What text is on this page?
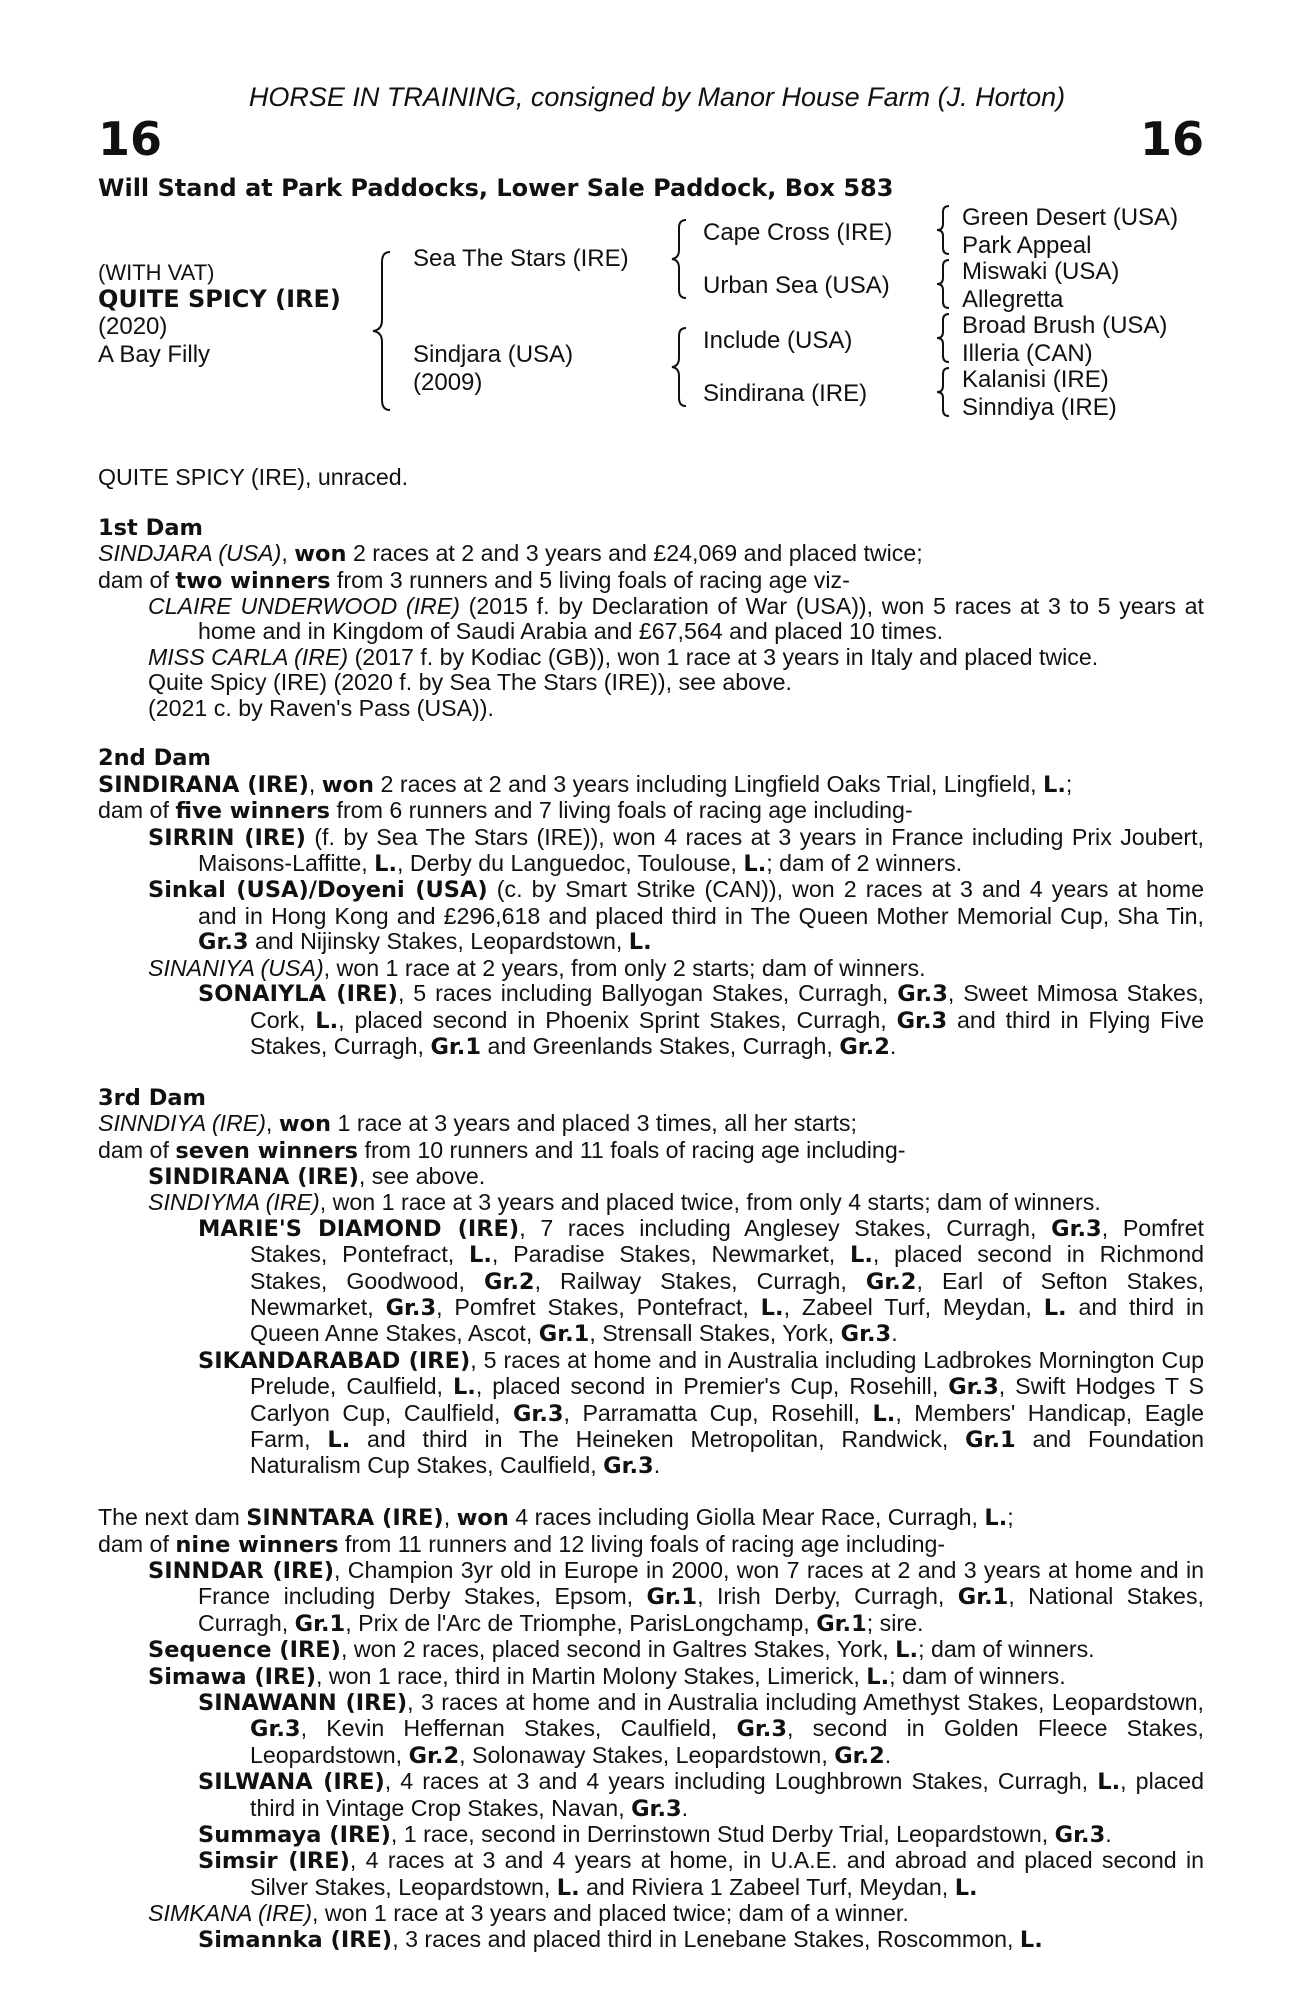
HORSE IN TRAINING, consigned by Manor House Farm (J. Horton)
16	16
Will Stand at Park Paddocks, Lower Sale Paddock, Box 583
(WITH VAT)
QUITE SPICY (IRE)
(2020)
A Bay Filly
Sea The Stars (IRE)
Sindjara (USA)
(2009)
Cape Cross (IRE)
Urban Sea (USA)
Include (USA)
Sindirana (IRE)
Green Desert (USA)
Park Appeal
Miswaki (USA)
Allegretta
Broad Brush (USA)
Illeria (CAN)
Kalanisi (IRE)
Sinndiya (IRE)

QUITE SPICY (IRE), unraced.

1st Dam

SINDJARA (USA), won 2 races at 2 and 3 years and £24,069 and placed twice;

dam of two winners from 3 runners and 5 living foals of racing age viz-

CLAIRE UNDERWOOD (IRE) (2015 f. by Declaration of War (USA)), won 5 races at 3 to 5 years at home and in Kingdom of Saudi Arabia and £67,564 and placed 10 times.

MISS CARLA (IRE) (2017 f. by Kodiac (GB)), won 1 race at 3 years in Italy and placed twice.

Quite Spicy (IRE) (2020 f. by Sea The Stars (IRE)), see above.

(2021 c. by Raven's Pass (USA)).

2nd Dam

SINDIRANA (IRE), won 2 races at 2 and 3 years including Lingfield Oaks Trial, Lingfield, L.;

dam of five winners from 6 runners and 7 living foals of racing age including-

SIRRIN (IRE) (f. by Sea The Stars (IRE)), won 4 races at 3 years in France including Prix Joubert, Maisons-Laffitte, L., Derby du Languedoc, Toulouse, L.; dam of 2 winners.

Sinkal (USA)/Doyeni (USA) (c. by Smart Strike (CAN)), won 2 races at 3 and 4 years at home and in Hong Kong and £296,618 and placed third in The Queen Mother Memorial Cup, Sha Tin, Gr.3 and Nijinsky Stakes, Leopardstown, L.

SINANIYA (USA), won 1 race at 2 years, from only 2 starts; dam of winners.

SONAIYLA (IRE), 5 races including Ballyogan Stakes, Curragh, Gr.3, Sweet Mimosa Stakes, Cork, L., placed second in Phoenix Sprint Stakes, Curragh, Gr.3 and third in Flying Five Stakes, Curragh, Gr.1 and Greenlands Stakes, Curragh, Gr.2.

3rd Dam

SINNDIYA (IRE), won 1 race at 3 years and placed 3 times, all her starts;

dam of seven winners from 10 runners and 11 foals of racing age including-

SINDIRANA (IRE), see above.

SINDIYMA (IRE), won 1 race at 3 years and placed twice, from only 4 starts; dam of winners.

MARIE'S DIAMOND (IRE), 7 races including Anglesey Stakes, Curragh, Gr.3, Pomfret Stakes, Pontefract, L., Paradise Stakes, Newmarket, L., placed second in Richmond Stakes, Goodwood, Gr.2, Railway Stakes, Curragh, Gr.2, Earl of Sefton Stakes, Newmarket, Gr.3, Pomfret Stakes, Pontefract, L., Zabeel Turf, Meydan, L. and third in Queen Anne Stakes, Ascot, Gr.1, Strensall Stakes, York, Gr.3.

SIKANDARABAD (IRE), 5 races at home and in Australia including Ladbrokes Mornington Cup Prelude, Caulfield, L., placed second in Premier's Cup, Rosehill, Gr.3, Swift Hodges T S Carlyon Cup, Caulfield, Gr.3, Parramatta Cup, Rosehill, L., Members' Handicap, Eagle Farm, L. and third in The Heineken Metropolitan, Randwick, Gr.1 and Foundation Naturalism Cup Stakes, Caulfield, Gr.3.

The next dam SINNTARA (IRE), won 4 races including Giolla Mear Race, Curragh, L.;

dam of nine winners from 11 runners and 12 living foals of racing age including-

SINNDAR (IRE), Champion 3yr old in Europe in 2000, won 7 races at 2 and 3 years at home and in France including Derby Stakes, Epsom, Gr.1, Irish Derby, Curragh, Gr.1, National Stakes, Curragh, Gr.1, Prix de l'Arc de Triomphe, ParisLongchamp, Gr.1; sire.

Sequence (IRE), won 2 races, placed second in Galtres Stakes, York, L.; dam of winners.

Simawa (IRE), won 1 race, third in Martin Molony Stakes, Limerick, L.; dam of winners.

SINAWANN (IRE), 3 races at home and in Australia including Amethyst Stakes, Leopardstown, Gr.3, Kevin Heffernan Stakes, Caulfield, Gr.3, second in Golden Fleece Stakes, Leopardstown, Gr.2, Solonaway Stakes, Leopardstown, Gr.2.

SILWANA (IRE), 4 races at 3 and 4 years including Loughbrown Stakes, Curragh, L., placed third in Vintage Crop Stakes, Navan, Gr.3.

Summaya (IRE), 1 race, second in Derrinstown Stud Derby Trial, Leopardstown, Gr.3.

Simsir (IRE), 4 races at 3 and 4 years at home, in U.A.E. and abroad and placed second in Silver Stakes, Leopardstown, L. and Riviera 1 Zabeel Turf, Meydan, L.

SIMKANA (IRE), won 1 race at 3 years and placed twice; dam of a winner.

Simannka (IRE), 3 races and placed third in Lenebane Stakes, Roscommon, L.
